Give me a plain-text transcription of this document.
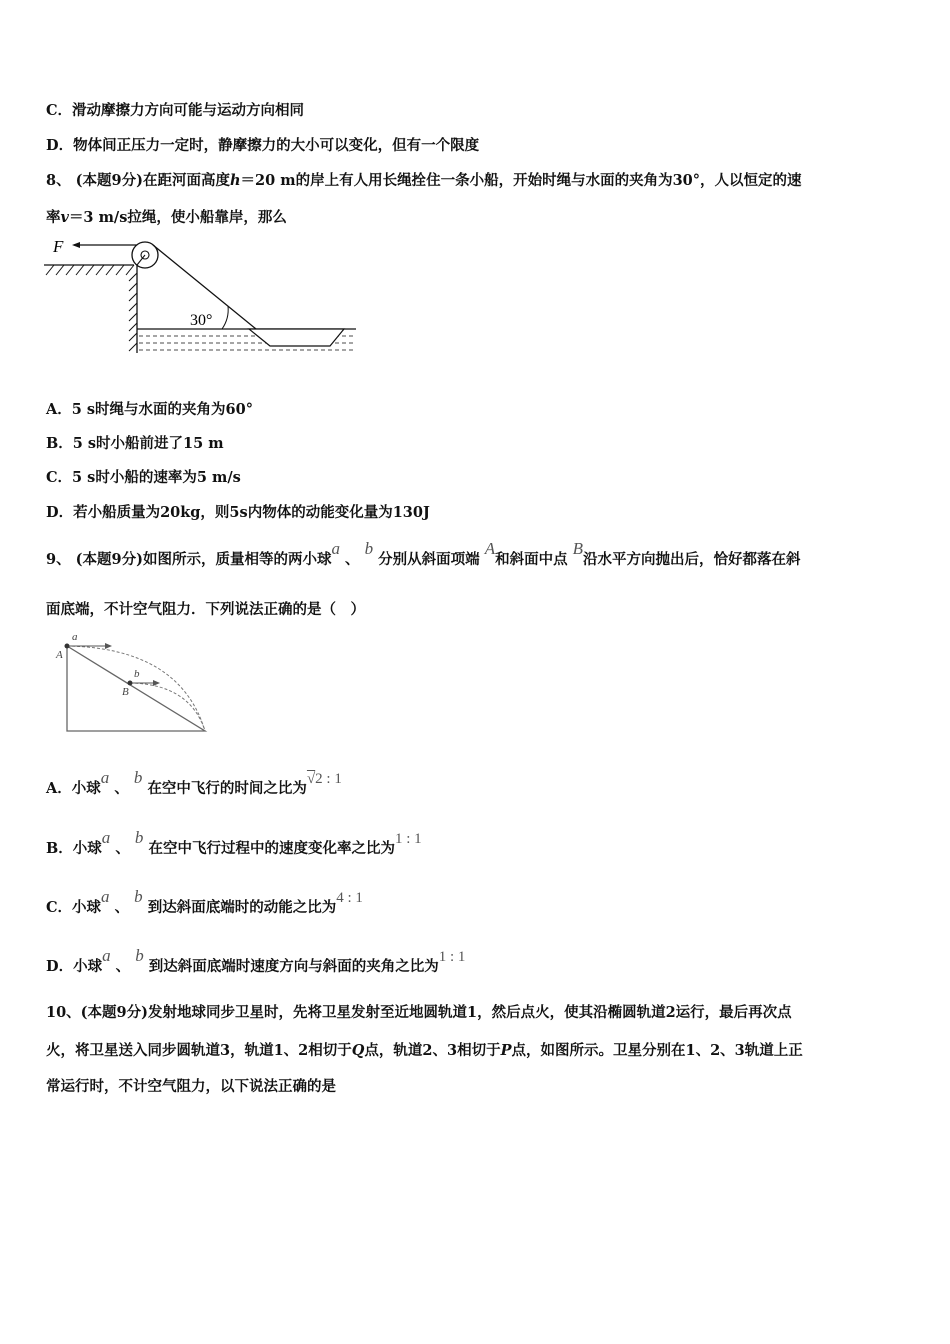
C．滑动摩擦力方向可能与运动方向相同
D．物体间正压力一定时，静摩擦力的大小可以变化，但有一个限度
8、 (本题9分)在距河面高度h＝20 m的岸上有人用长绳拴住一条小船，开始时绳与水面的夹角为30°，人以恒定的速
率v＝3 m/s拉绳，使小船靠岸，那么
F
30°
A．5 s时绳与水面的夹角为60°
B．5 s时小船前进了15 m
C．5 s时小船的速率为5 m/s
D．若小船质量为20kg，则5s内物体的动能变化量为130J
9、 (本题9分)如图所示，质量相等的两小球a 、 b 分别从斜面项端 A和斜面中点 B沿水平方向抛出后，恰好都落在斜
面底端，不计空气阻力．下列说法正确的是（　）
a
A
b
B
A．小球a 、 b 在空中飞行的时间之比为√2 : 1
B．小球a 、 b 在空中飞行过程中的速度变化率之比为1 : 1
C．小球a 、 b 到达斜面底端时的动能之比为4 : 1
D．小球a 、 b 到达斜面底端时速度方向与斜面的夹角之比为1 : 1
10、(本题9分)发射地球同步卫星时，先将卫星发射至近地圆轨道1，然后点火，使其沿椭圆轨道2运行，最后再次点
火，将卫星送入同步圆轨道3，轨道1、2相切于Q点，轨道2、3相切于P点，如图所示。卫星分别在1、2、3轨道上正
常运行时，不计空气阻力，以下说法正确的是
